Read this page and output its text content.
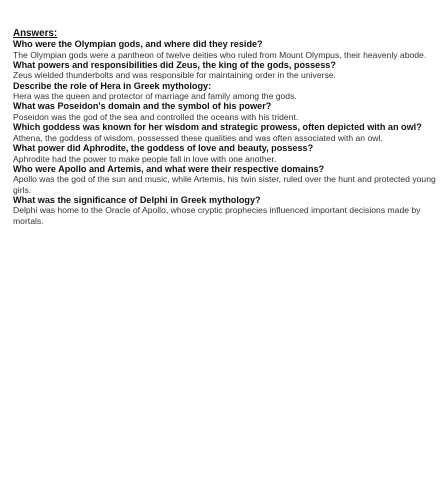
Answers:

Who were the Olympian gods, and where did they reside?

The Olympian gods were a pantheon of twelve deities who ruled from Mount Olympus, their heavenly abode.

What powers and responsibilities did Zeus, the king of the gods, possess?

Zeus wielded thunderbolts and was responsible for maintaining order in the universe.

Describe the role of Hera in Greek mythology:

Hera was the queen and protector of marriage and family among the gods.

What was Poseidon's domain and the symbol of his power?

Poseidon was the god of the sea and controlled the oceans with his trident.

Which goddess was known for her wisdom and strategic prowess, often depicted with an owl?

Athena, the goddess of wisdom, possessed these qualities and was often associated with an owl.

What power did Aphrodite, the goddess of love and beauty, possess?

Aphrodite had the power to make people fall in love with one another.

Who were Apollo and Artemis, and what were their respective domains?

Apollo was the god of the sun and music, while Artemis, his twin sister, ruled over the hunt and protected young girls.

What was the significance of Delphi in Greek mythology?

Delphi was home to the Oracle of Apollo, whose cryptic prophecies influenced important decisions made by mortals.
